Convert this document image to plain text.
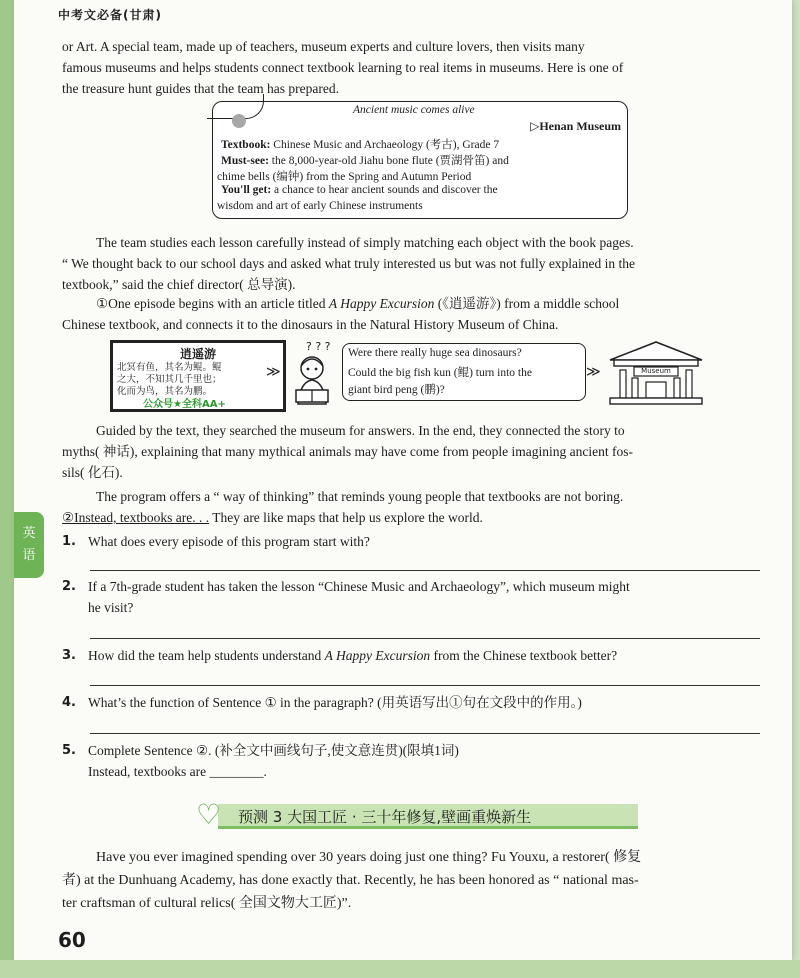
中考文必备(甘肃)
or Art. A special team, made up of teachers, museum experts and culture lovers, then visits many
famous museums and helps students connect textbook learning to real items in museums. Here is one of
the treasure hunt guides that the team has prepared.
Ancient music comes alive
▷Henan Museum
Textbook: Chinese Music and Archaeology (考古), Grade 7
Must-see: the 8,000-year-old Jiahu bone flute (贾湖骨笛) and
chime bells (编钟) from the Spring and Autumn Period
You'll get: a chance to hear ancient sounds and discover the
wisdom and art of early Chinese instruments
The team studies each lesson carefully instead of simply matching each object with the book pages.
“ We thought back to our school days and asked what truly interested us but was not fully explained in the
textbook,” said the chief director( 总导演).
①One episode begins with an article titled A Happy Excursion (《逍遥游》) from a middle school
Chinese textbook, and connects it to the dinosaurs in the Natural History Museum of China.
逍遥游
北冥有鱼，其名为鲲。鲲
之大，不知其几千里也；
化而为鸟，其名为鹏。
公众号★全科AA+
≫
? ? ? Were there really huge sea dinosaurs?
Could the big fish kun (鲲) turn into the
giant bird peng (鹏)?
≫	Museum
Guided by the text, they searched the museum for answers. In the end, they connected the story to
myths( 神话), explaining that many mythical animals may have come from people imagining ancient fos-
sils( 化石).
The program offers a “ way of thinking” that reminds young people that textbooks are not boring.
②Instead, textbooks are. . . They are like maps that help us explore the world.
英
语
1. What does every episode of this program start with?
2. If a 7th-grade student has taken the lesson “Chinese Music and Archaeology”, which museum might
he visit?
3. How did the team help students understand A Happy Excursion from the Chinese textbook better?
4. What’s the function of Sentence ① in the paragraph? (用英语写出①句在文段中的作用。)
5. Complete Sentence ②. (补全文中画线句子,使文意连贯)(限填1词)
Instead, textbooks are ________.
♡ 预测 3 大国工匠 · 三十年修复,壁画重焕新生
Have you ever imagined spending over 30 years doing just one thing? Fu Youxu, a restorer( 修复
者) at the Dunhuang Academy, has done exactly that. Recently, he has been honored as “ national mas-
ter craftsman of cultural relics( 全国文物大工匠)”.
60
